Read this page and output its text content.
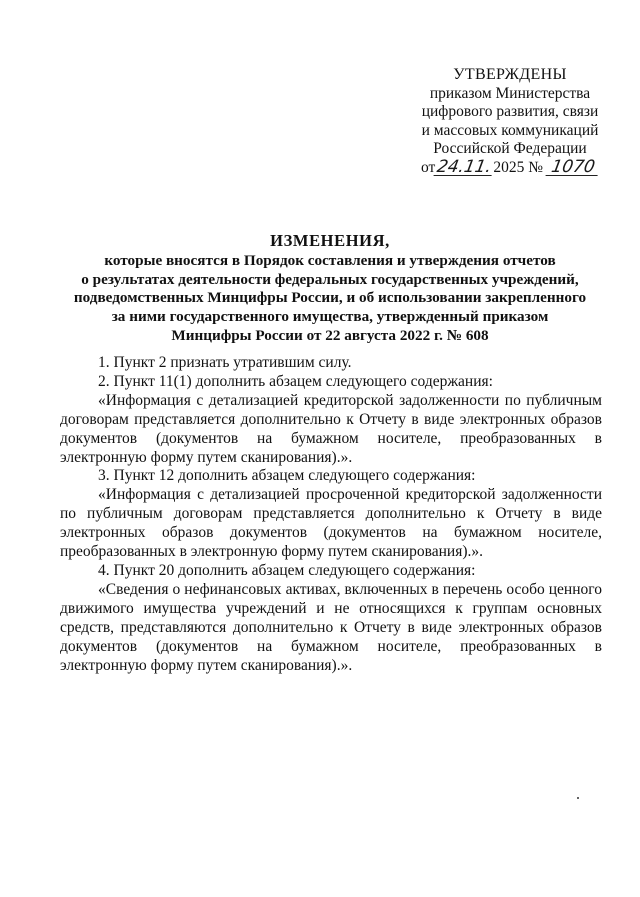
УТВЕРЖДЕНЫ
приказом Министерства
цифрового развития, связи
и массовых коммуникаций
Российской Федерации
от24.11.2025 № 1070
ИЗМЕНЕНИЯ,
которые вносятся в Порядок составления и утверждения отчетов
о результатах деятельности федеральных государственных учреждений,
подведомственных Минцифры России, и об использовании закрепленного
за ними государственного имущества, утвержденный приказом
Минцифры России от 22 августа 2022 г. № 608

1. Пункт 2 признать утратившим силу.

2. Пункт 11(1) дополнить абзацем следующего содержания:

«Информация с детализацией кредиторской задолженности по публичным договорам представляется дополнительно к Отчету в виде электронных образов документов (документов на бумажном носителе, преобразованных в электронную форму путем сканирования).».

3. Пункт 12 дополнить абзацем следующего содержания:

«Информация с детализацией просроченной кредиторской задолженности по публичным договорам представляется дополнительно к Отчету в виде электронных образов документов (документов на бумажном носителе, преобразованных в электронную форму путем сканирования).».

4. Пункт 20 дополнить абзацем следующего содержания:

«Сведения о нефинансовых активах, включенных в перечень особо ценного движимого имущества учреждений и не относящихся к группам основных средств, представляются дополнительно к Отчету в виде электронных образов документов (документов на бумажном носителе, преобразованных в электронную форму путем сканирования).».
